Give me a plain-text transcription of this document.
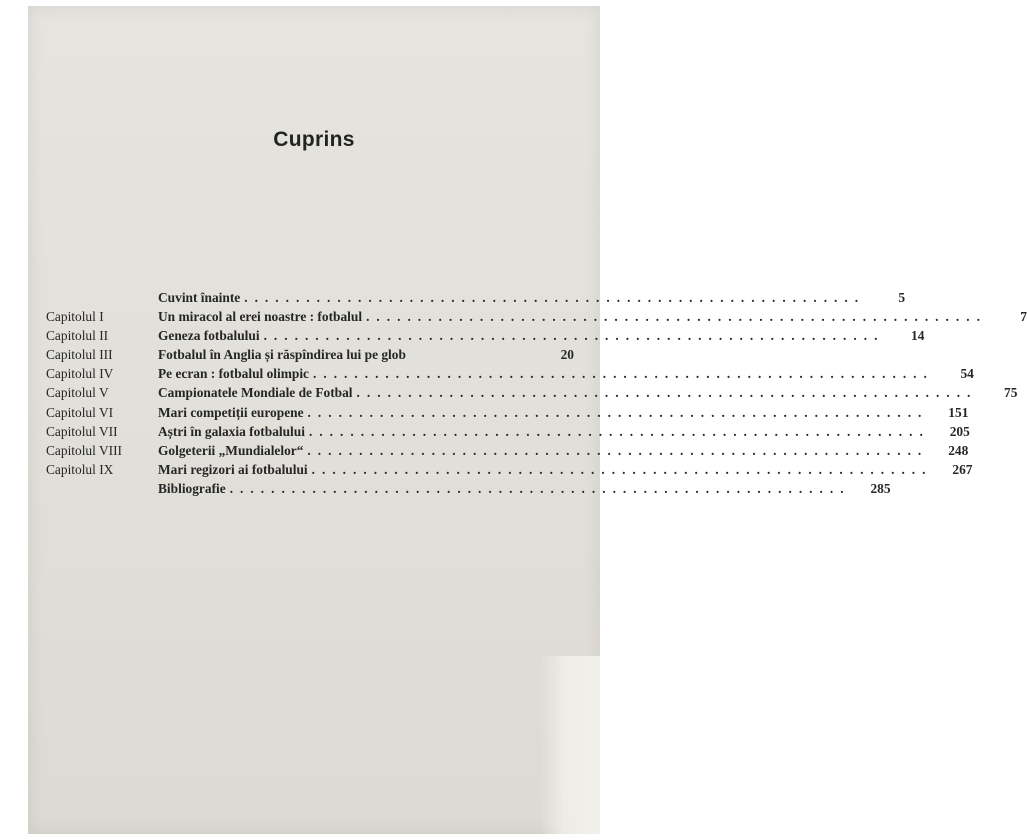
Cuprins
Cuvint înainte ............................................................	5
Capitolul I	Un miracol al erei noastre : fotbalul ............................................................	7
Capitolul II	Geneza fotbalului ............................................................	14
Capitolul III	Fotbalul în Anglia și răspîndirea lui pe glob	20
Capitolul IV	Pe ecran : fotbalul olimpic ............................................................	54
Capitolul V	Campionatele Mondiale de Fotbal ............................................................	75
Capitolul VI	Mari competiții europene ............................................................	151
Capitolul VII	Aștri în galaxia fotbalului ............................................................	205
Capitolul VIII	Golgeterii „Mundialelor“ ............................................................	248
Capitolul IX	Mari regizori ai fotbalului ............................................................	267
Bibliografie ............................................................	285
